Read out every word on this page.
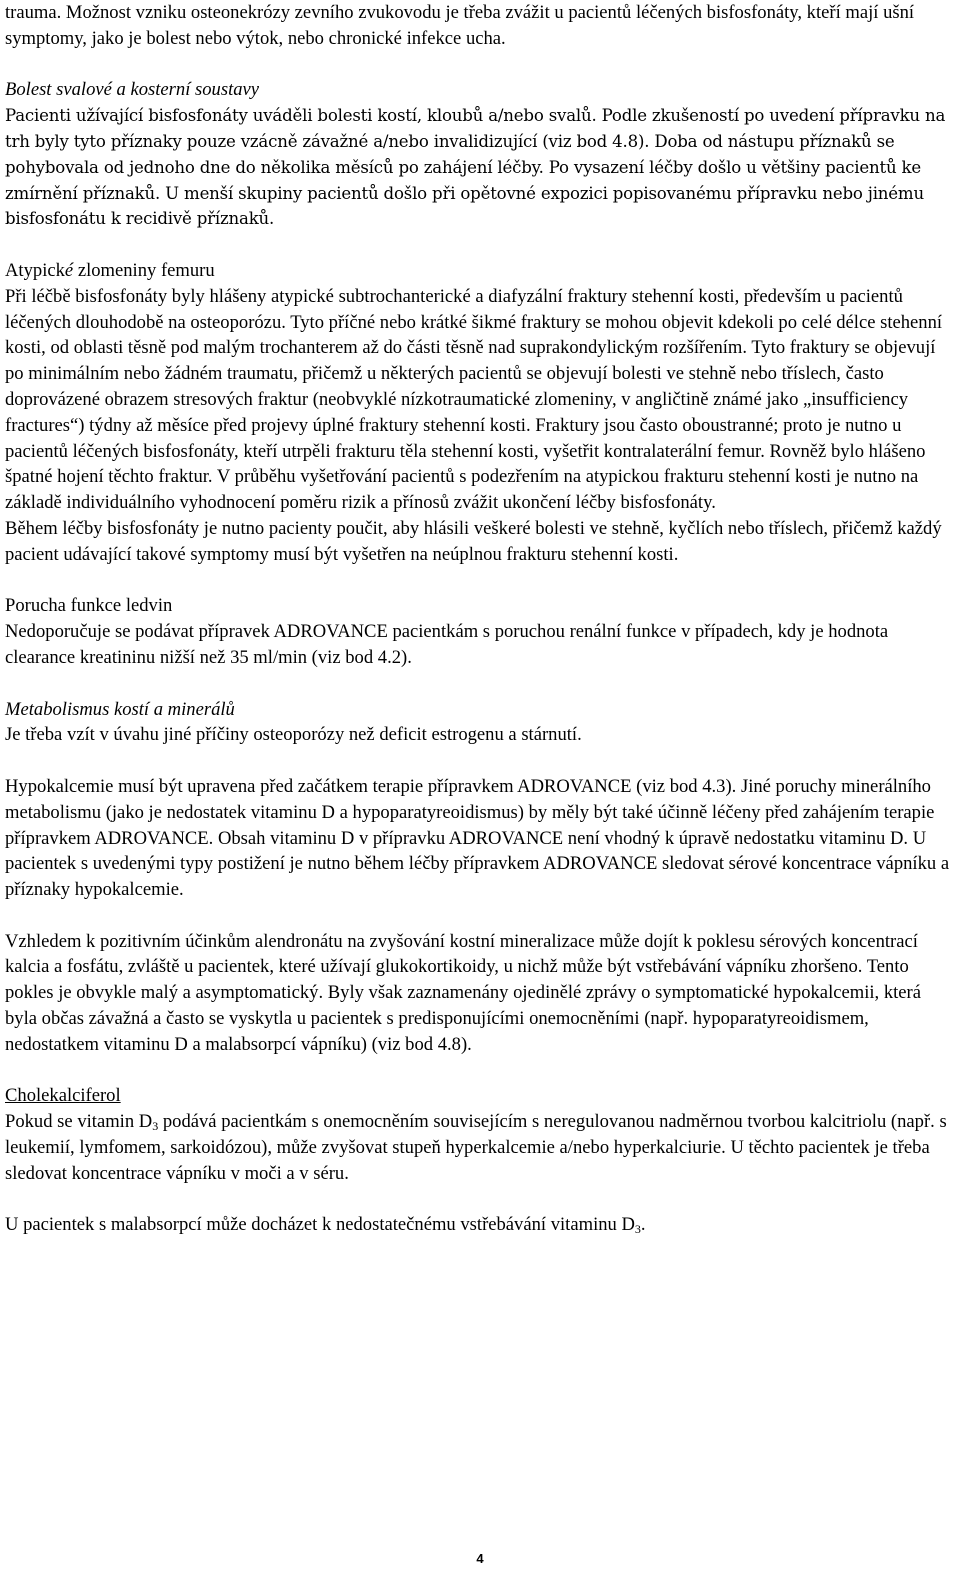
trauma. Možnost vzniku osteonekrózy zevního zvukovodu je třeba zvážit u pacientů léčených bisfosfonáty, kteří mají ušní symptomy, jako je bolest nebo výtok, nebo chronické infekce ucha.

Bolest svalové a kosterní soustavy

Pacienti užívající bisfosfonáty uváděli bolesti kostí, kloubů a/nebo svalů. Podle zkušeností po uvedení přípravku na trh byly tyto příznaky pouze vzácně závažné a/nebo invalidizující (viz bod 4.8). Doba od nástupu příznaků se pohybovala od jednoho dne do několika měsíců po zahájení léčby. Po vysazení léčby došlo u většiny pacientů ke zmírnění příznaků. U menší skupiny pacientů došlo při opětovné expozici popisovanému přípravku nebo jinému bisfosfonátu k recidivě příznaků.

Atypické zlomeniny femuru

Při léčbě bisfosfonáty byly hlášeny atypické subtrochanterické a diafyzální fraktury stehenní kosti, především u pacientů léčených dlouhodobě na osteoporózu. Tyto příčné nebo krátké šikmé fraktury se mohou objevit kdekoli po celé délce stehenní kosti, od oblasti těsně pod malým trochanterem až do části těsně nad suprakondylickým rozšířením. Tyto fraktury se objevují po minimálním nebo žádném traumatu, přičemž u některých pacientů se objevují bolesti ve stehně nebo tříslech, často doprovázené obrazem stresových fraktur (neobvyklé nízkotraumatické zlomeniny, v angličtině známé jako „insufficiency fractures“) týdny až měsíce před projevy úplné fraktury stehenní kosti. Fraktury jsou často oboustranné; proto je nutno u pacientů léčených bisfosfonáty, kteří utrpěli frakturu těla stehenní kosti, vyšetřit kontralaterální femur. Rovněž bylo hlášeno špatné hojení těchto fraktur. V průběhu vyšetřování pacientů s podezřením na atypickou frakturu stehenní kosti je nutno na základě individuálního vyhodnocení poměru rizik a přínosů zvážit ukončení léčby bisfosfonáty.

Během léčby bisfosfonáty je nutno pacienty poučit, aby hlásili veškeré bolesti ve stehně, kyčlích nebo tříslech, přičemž každý pacient udávající takové symptomy musí být vyšetřen na neúplnou frakturu stehenní kosti.

Porucha funkce ledvin

Nedoporučuje se podávat přípravek ADROVANCE pacientkám s poruchou renální funkce v případech, kdy je hodnota clearance kreatininu nižší než 35 ml/min (viz bod 4.2).

Metabolismus kostí a minerálů

Je třeba vzít v úvahu jiné příčiny osteoporózy než deficit estrogenu a stárnutí.

Hypokalcemie musí být upravena před začátkem terapie přípravkem ADROVANCE (viz bod 4.3). Jiné poruchy minerálního metabolismu (jako je nedostatek vitaminu D a hypoparatyreoidismus) by měly být také účinně léčeny před zahájením terapie přípravkem ADROVANCE. Obsah vitaminu D v přípravku ADROVANCE není vhodný k úpravě nedostatku vitaminu D. U pacientek s uvedenými typy postižení je nutno během léčby přípravkem ADROVANCE sledovat sérové koncentrace vápníku a příznaky hypokalcemie.

Vzhledem k pozitivním účinkům alendronátu na zvyšování kostní mineralizace může dojít k poklesu sérových koncentrací kalcia a fosfátu, zvláště u pacientek, které užívají glukokortikoidy, u nichž může být vstřebávání vápníku zhoršeno. Tento pokles je obvykle malý a asymptomatický. Byly však zaznamenány ojedinělé zprávy o symptomatické hypokalcemii, která byla občas závažná a často se vyskytla u pacientek s predisponujícími onemocněními (např. hypoparatyreoidismem, nedostatkem vitaminu D a malabsorpcí vápníku) (viz bod 4.8).

Cholekalciferol

Pokud se vitamin $D_3$ podává pacientkám s onemocněním souvisejícím s neregulovanou nadměrnou tvorbou kalcitriolu (např. s leukemií, lymfomem, sarkoidózou), může zvyšovat stupeň hyperkalcemie a/nebo hyperkalciurie. U těchto pacientek je třeba sledovat koncentrace vápníku v moči a v séru.

U pacientek s malabsorpcí může docházet k nedostatečnému vstřebávání vitaminu $D_3$.

4
